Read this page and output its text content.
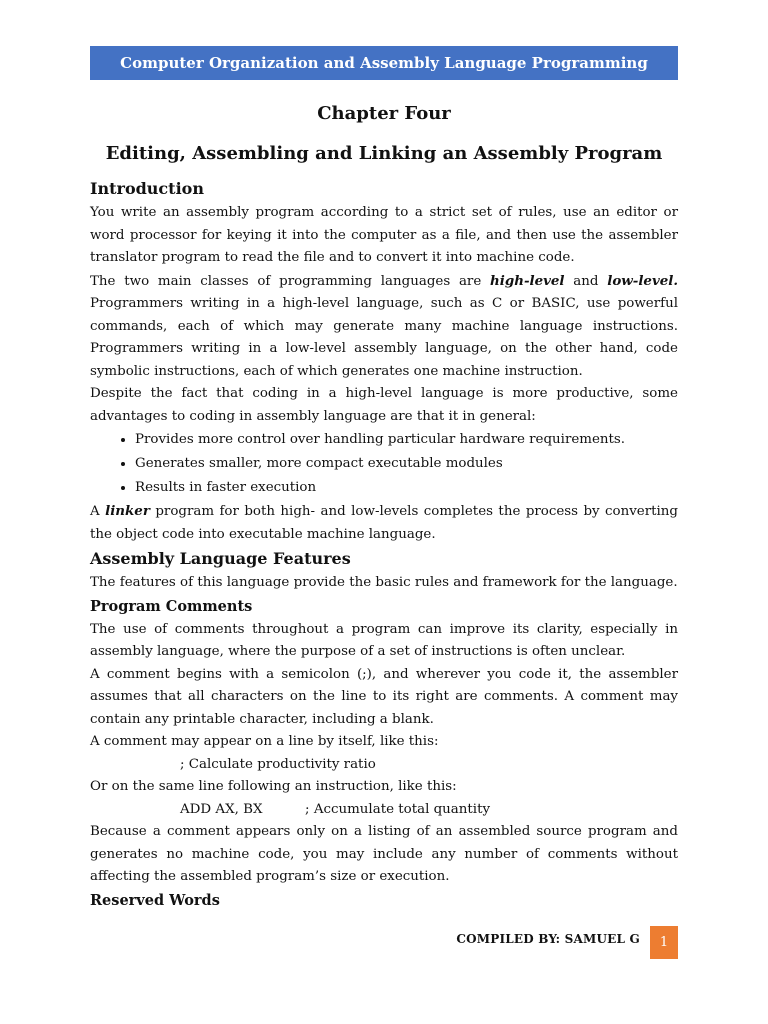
Computer Organization and Assembly Language Programming

Chapter Four

Editing, Assembling and Linking an Assembly Program

Introduction

You write an assembly program according to a strict set of rules, use an editor or word processor for keying it into the computer as a file, and then use the assembler translator program to read the file and to convert it into machine code.

The two main classes of programming languages are high-level and low-level. Programmers writing in a high-level language, such as C or BASIC, use powerful commands, each of which may generate many machine language instructions. Programmers writing in a low-level assembly language, on the other hand, code symbolic instructions, each of which generates one machine instruction.

Despite the fact that coding in a high-level language is more productive, some advantages to coding in assembly language are that it in general:

• Provides more control over handling particular hardware requirements.
• Generates smaller, more compact executable modules
• Results in faster execution

A linker program for both high- and low-levels completes the process by converting the object code into executable machine language.

Assembly Language Features

The features of this language provide the basic rules and framework for the language.

Program Comments

The use of comments throughout a program can improve its clarity, especially in assembly language, where the purpose of a set of instructions is often unclear.

A comment begins with a semicolon (;), and wherever you code it, the assembler assumes that all characters on the line to its right are comments. A comment may contain any printable character, including a blank.

A comment may appear on a line by itself, like this:

; Calculate productivity ratio

Or on the same line following an instruction, like this:

ADD AX, BX          ; Accumulate total quantity

Because a comment appears only on a listing of an assembled source program and generates no machine code, you may include any number of comments without affecting the assembled program’s size or execution.

Reserved Words
COMPILED BY: SAMUEL G 1
